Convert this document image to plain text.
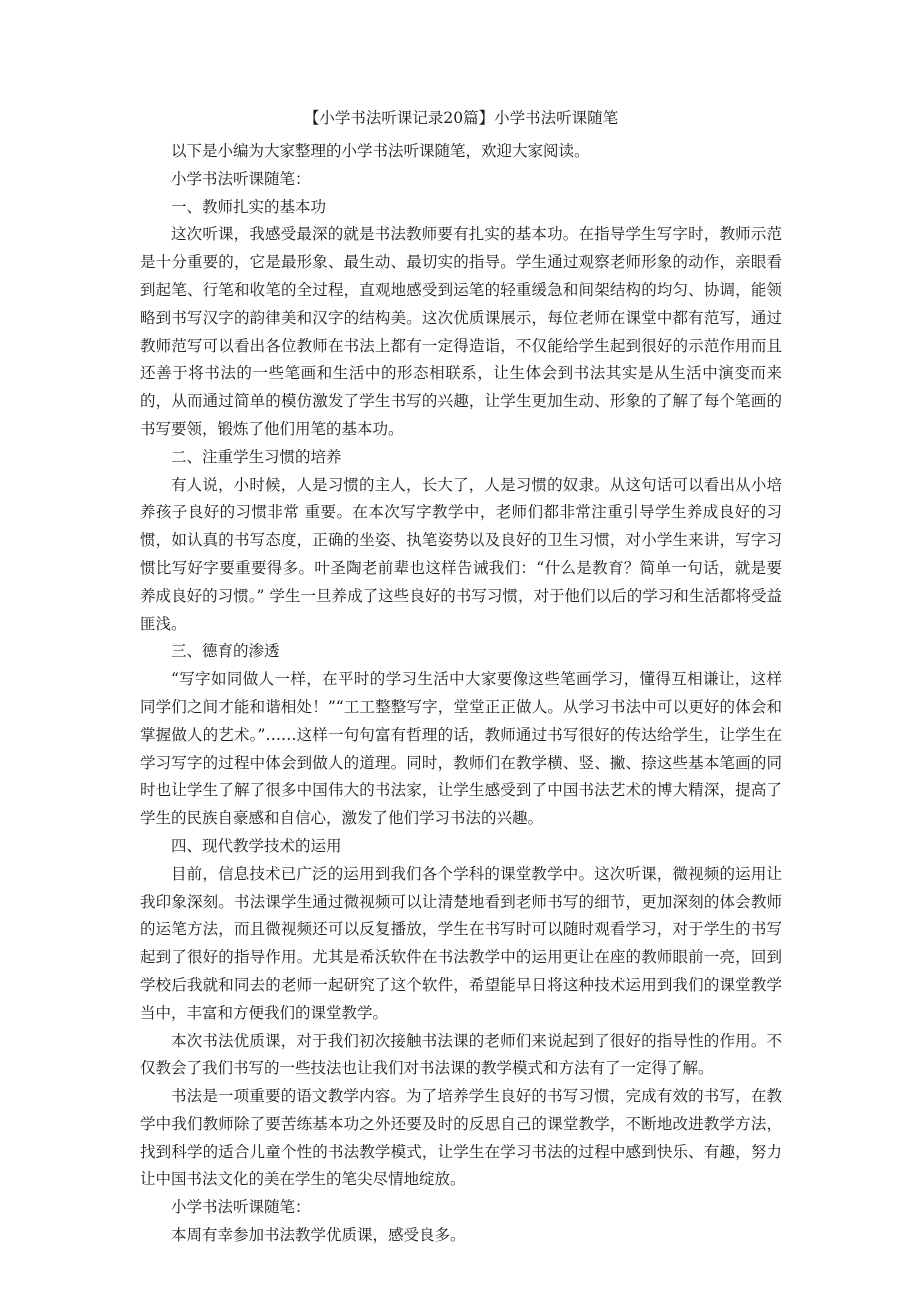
【小学书法听课记录20篇】小学书法听课随笔

以下是小编为大家整理的小学书法听课随笔，欢迎大家阅读。

小学书法听课随笔：

一、教师扎实的基本功

这次听课，我感受最深的就是书法教师要有扎实的基本功。在指导学生写字时，教师示范是十分重要的，它是最形象、最生动、最切实的指导。学生通过观察老师形象的动作，亲眼看到起笔、行笔和收笔的全过程，直观地感受到运笔的轻重缓急和间架结构的均匀、协调，能领略到书写汉字的韵律美和汉字的结构美。这次优质课展示，每位老师在课堂中都有范写，通过教师范写可以看出各位教师在书法上都有一定得造诣，不仅能给学生起到很好的示范作用而且还善于将书法的一些笔画和生活中的形态相联系，让生体会到书法其实是从生活中演变而来的，从而通过简单的模仿激发了学生书写的兴趣，让学生更加生动、形象的了解了每个笔画的书写要领，锻炼了他们用笔的基本功。

二、注重学生习惯的培养

有人说，小时候，人是习惯的主人，长大了，人是习惯的奴隶。从这句话可以看出从小培养孩子良好的习惯非常 重要。在本次写字教学中，老师们都非常注重引导学生养成良好的习惯，如认真的书写态度，正确的坐姿、执笔姿势以及良好的卫生习惯，对小学生来讲，写字习惯比写好字要重要得多。叶圣陶老前辈也这样告诫我们：“什么是教育？简单一句话，就是要养成良好的习惯。” 学生一旦养成了这些良好的书写习惯，对于他们以后的学习和生活都将受益匪浅。

三、德育的渗透

“写字如同做人一样，在平时的学习生活中大家要像这些笔画学习，懂得互相谦让，这样同学们之间才能和谐相处！”“工工整整写字，堂堂正正做人。从学习书法中可以更好的体会和掌握做人的艺术。”……这样一句句富有哲理的话，教师通过书写很好的传达给学生，让学生在学习写字的过程中体会到做人的道理。同时，教师们在教学横、竖、撇、捺这些基本笔画的同时也让学生了解了很多中国伟大的书法家，让学生感受到了中国书法艺术的博大精深，提高了学生的民族自豪感和自信心，激发了他们学习书法的兴趣。

四、现代教学技术的运用

目前，信息技术已广泛的运用到我们各个学科的课堂教学中。这次听课，微视频的运用让我印象深刻。书法课学生通过微视频可以让清楚地看到老师书写的细节，更加深刻的体会教师的运笔方法，而且微视频还可以反复播放，学生在书写时可以随时观看学习，对于学生的书写起到了很好的指导作用。尤其是希沃软件在书法教学中的运用更让在座的教师眼前一亮，回到学校后我就和同去的老师一起研究了这个软件，希望能早日将这种技术运用到我们的课堂教学当中，丰富和方便我们的课堂教学。

本次书法优质课，对于我们初次接触书法课的老师们来说起到了很好的指导性的作用。不仅教会了我们书写的一些技法也让我们对书法课的教学模式和方法有了一定得了解。

书法是一项重要的语文教学内容。为了培养学生良好的书写习惯，完成有效的书写，在教学中我们教师除了要苦练基本功之外还要及时的反思自己的课堂教学，不断地改进教学方法，找到科学的适合儿童个性的书法教学模式，让学生在学习书法的过程中感到快乐、有趣，努力让中国书法文化的美在学生的笔尖尽情地绽放。

小学书法听课随笔：

本周有幸参加书法教学优质课，感受良多。
